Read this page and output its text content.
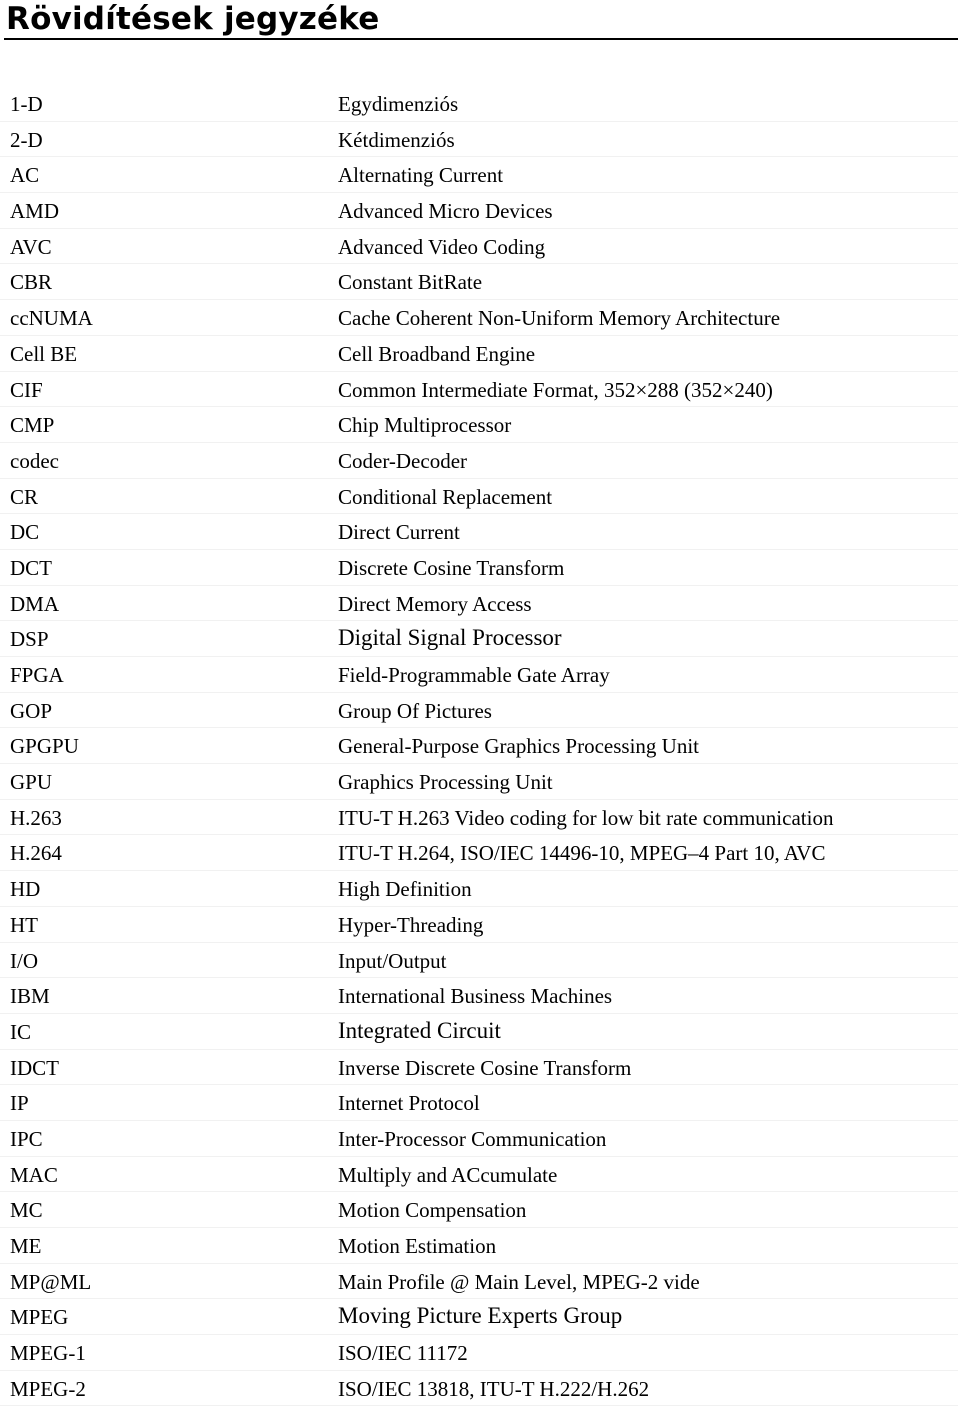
Rövidítések jegyzéke
1-D	Egydimenziós
2-D	Kétdimenziós
AC	Alternating Current
AMD	Advanced Micro Devices
AVC	Advanced Video Coding
CBR	Constant BitRate
ccNUMA	Cache Coherent Non-Uniform Memory Architecture
Cell BE	Cell Broadband Engine
CIF	Common Intermediate Format, 352×288 (352×240)
CMP	Chip Multiprocessor
codec	Coder-Decoder
CR	Conditional Replacement
DC	Direct Current
DCT	Discrete Cosine Transform
DMA	Direct Memory Access
DSP	Digital Signal Processor
FPGA	Field-Programmable Gate Array
GOP	Group Of Pictures
GPGPU	General-Purpose Graphics Processing Unit
GPU	Graphics Processing Unit
H.263	ITU-T H.263 Video coding for low bit rate communication
H.264	ITU-T H.264, ISO/IEC 14496-10, MPEG–4 Part 10, AVC
HD	High Definition
HT	Hyper-Threading
I/O	Input/Output
IBM	International Business Machines
IC	Integrated Circuit
IDCT	Inverse Discrete Cosine Transform
IP	Internet Protocol
IPC	Inter-Processor Communication
MAC	Multiply and ACcumulate
MC	Motion Compensation
ME	Motion Estimation
MP@ML	Main Profile @ Main Level, MPEG-2 vide
MPEG	Moving Picture Experts Group
MPEG-1	ISO/IEC 11172
MPEG-2	ISO/IEC 13818, ITU-T H.222/H.262
